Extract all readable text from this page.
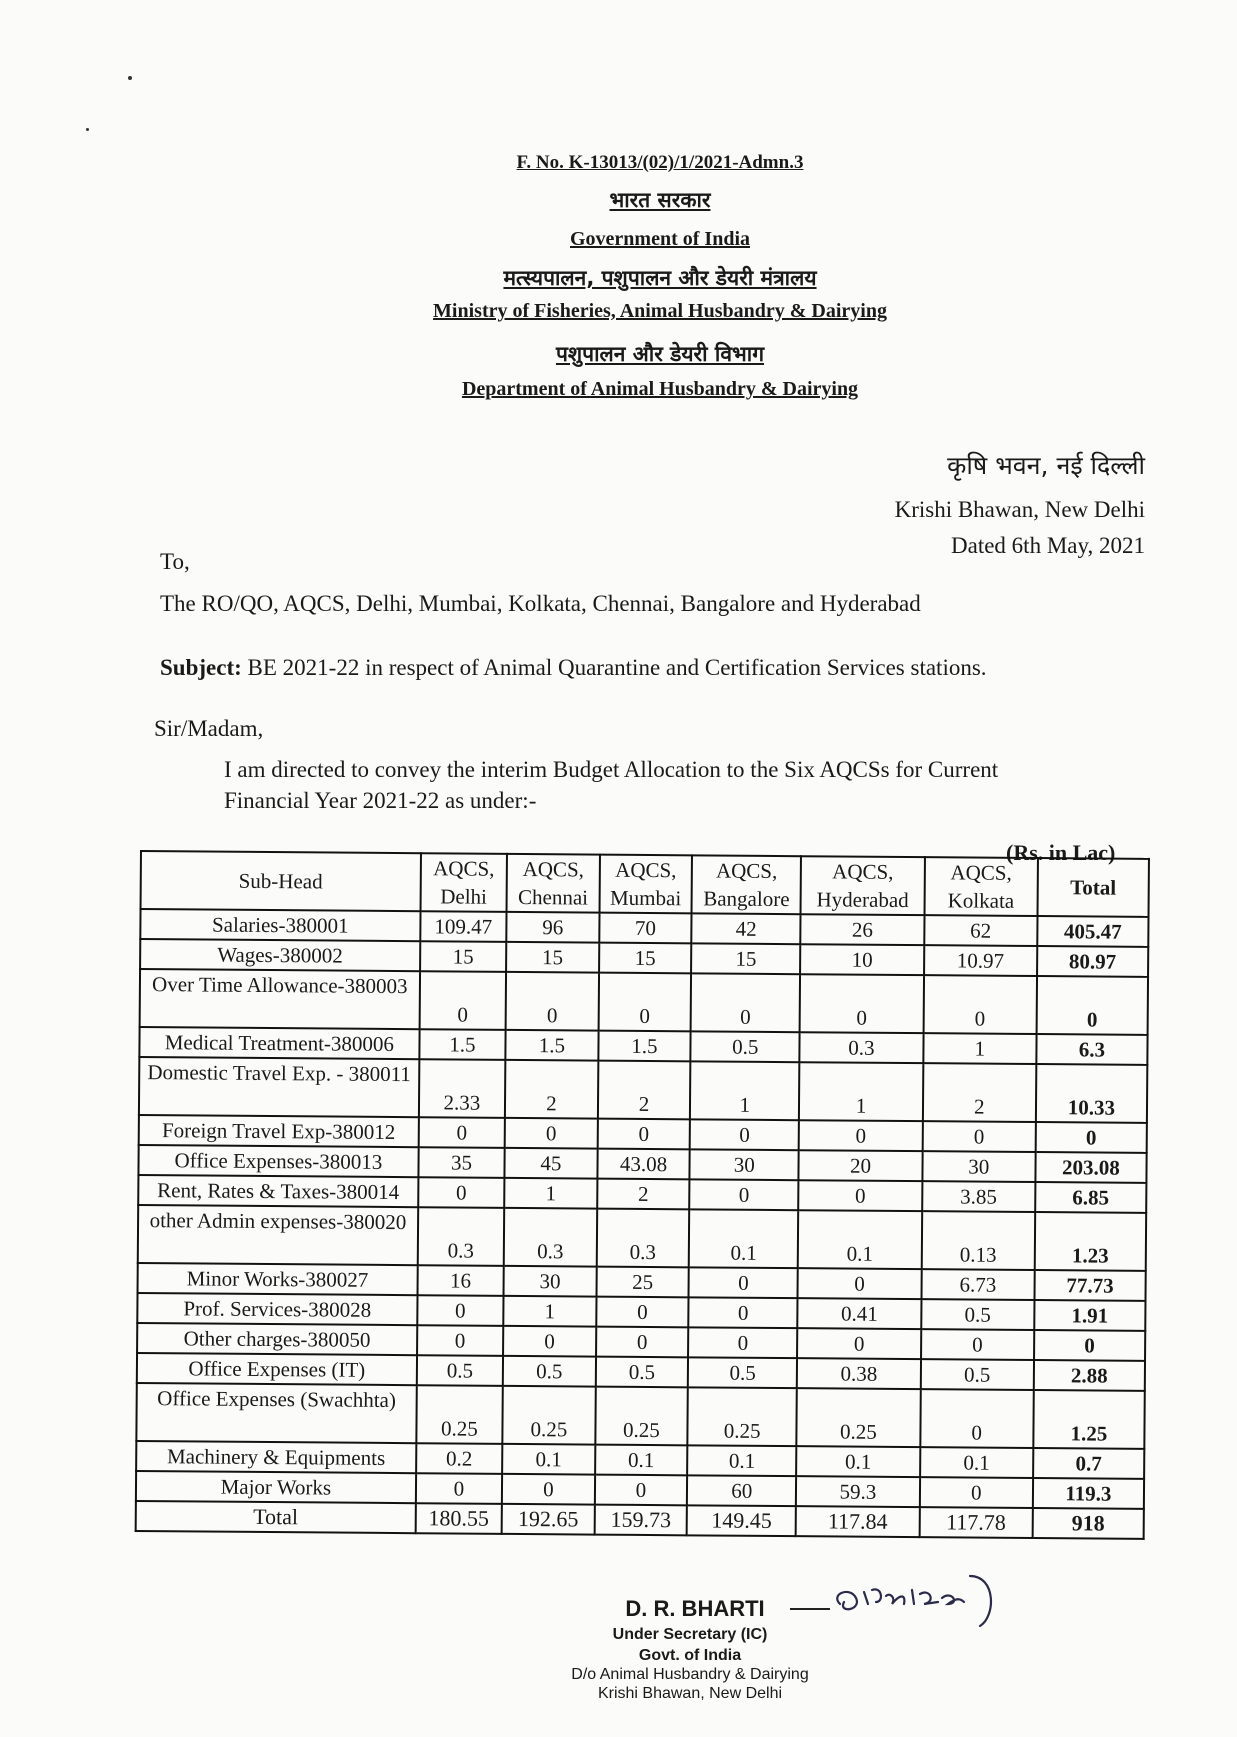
F. No. K-13013/(02)/1/2021-Admn.3
भारत सरकार
Government of India
मत्स्यपालन, पशुपालन और डेयरी मंत्रालय
Ministry of Fisheries, Animal Husbandry & Dairying
पशुपालन और डेयरी विभाग
Department of Animal Husbandry & Dairying
कृषि भवन, नई दिल्ली
Krishi Bhawan, New Delhi
Dated 6th May, 2021
To,
The RO/QO, AQCS, Delhi, Mumbai, Kolkata, Chennai, Bangalore and Hyderabad
Subject: BE 2021-22 in respect of Animal Quarantine and Certification Services stations.
Sir/Madam,
I am directed to convey the interim Budget Allocation to the Six AQCSs for Current
Financial Year 2021-22 as under:-
(Rs. in Lac)
Sub-Head	AQCS, Delhi	AQCS, Chennai	AQCS, Mumbai	AQCS, Bangalore	AQCS, Hyderabad	AQCS, Kolkata	Total
Salaries-380001	109.47	96	70	42	26	62	405.47
Wages-380002	15	15	15	15	10	10.97	80.97
Over Time Allowance-380003	0	0	0	0	0	0	0
Medical Treatment-380006	1.5	1.5	1.5	0.5	0.3	1	6.3
Domestic Travel Exp. - 380011	2.33	2	2	1	1	2	10.33
Foreign Travel Exp-380012	0	0	0	0	0	0	0
Office Expenses-380013	35	45	43.08	30	20	30	203.08
Rent, Rates & Taxes-380014	0	1	2	0	0	3.85	6.85
other Admin expenses-380020	0.3	0.3	0.3	0.1	0.1	0.13	1.23
Minor Works-380027	16	30	25	0	0	6.73	77.73
Prof. Services-380028	0	1	0	0	0.41	0.5	1.91
Other charges-380050	0	0	0	0	0	0	0
Office Expenses (IT)	0.5	0.5	0.5	0.5	0.38	0.5	2.88
Office Expenses (Swachhta)	0.25	0.25	0.25	0.25	0.25	0	1.25
Machinery & Equipments	0.2	0.1	0.1	0.1	0.1	0.1	0.7
Major Works	0	0	0	60	59.3	0	119.3
Total	180.55	192.65	159.73	149.45	117.84	117.78	918
D. R. BHARTI
Under Secretary (IC)
Govt. of India
D/o Animal Husbandry & Dairying
Krishi Bhawan, New Delhi
